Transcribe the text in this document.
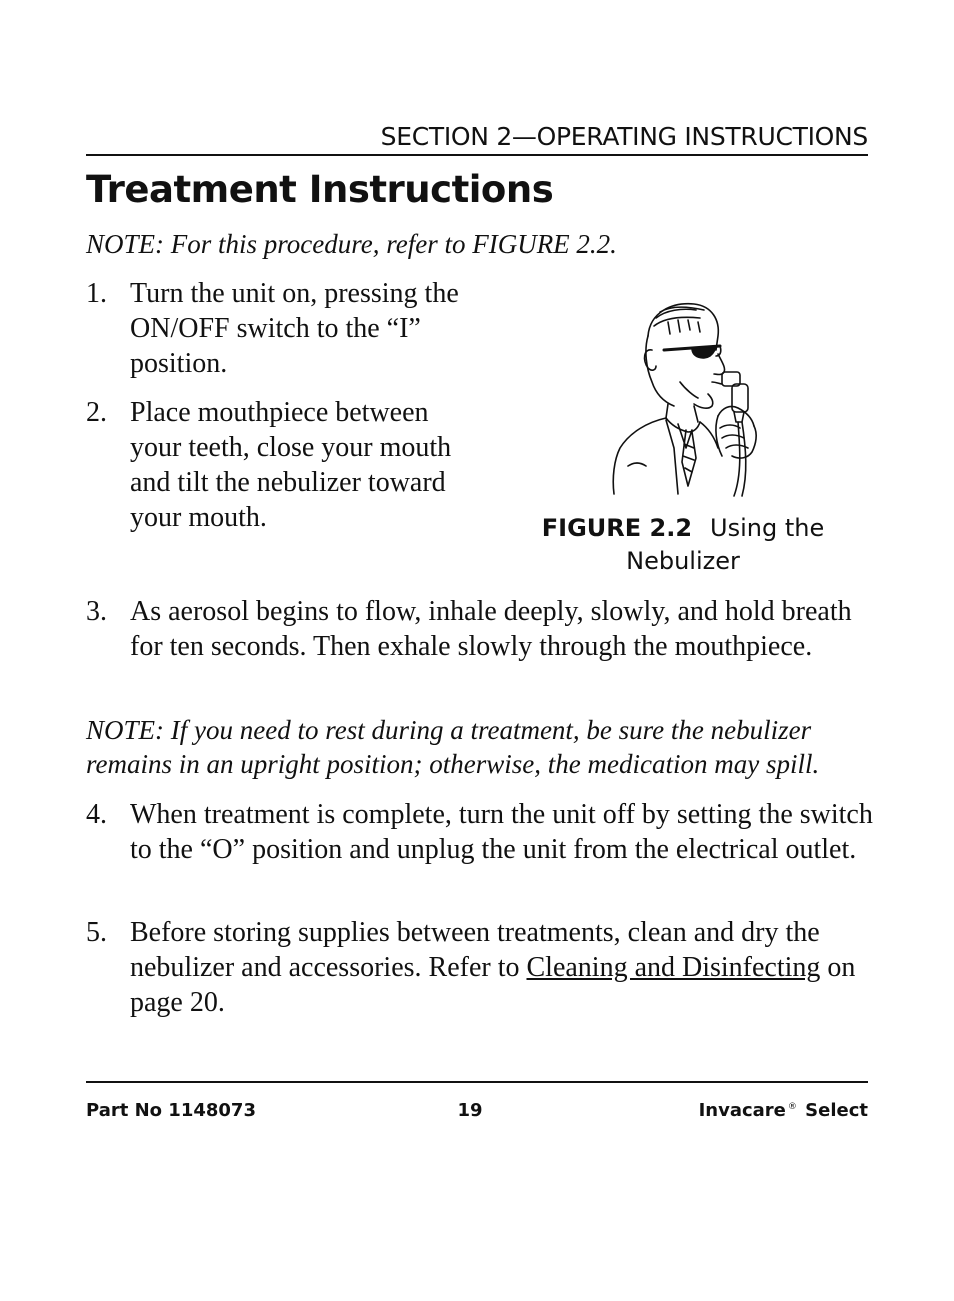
SECTION 2—OPERATING INSTRUCTIONS
Treatment Instructions
NOTE: For this procedure, refer to FIGURE 2.2.
1. Turn the unit on, pressing the ON/OFF switch to the “I” position.
2. Place mouthpiece between your teeth, close your mouth and tilt the nebulizer toward your mouth.	FIGURE 2.2 Using the Nebulizer
3. As aerosol begins to flow, inhale deeply, slowly, and hold breath for ten seconds. Then exhale slowly through the mouthpiece.
NOTE: If you need to rest during a treatment, be sure the nebulizer remains in an upright position; otherwise, the medication may spill.
4. When treatment is complete, turn the unit off by setting the switch to the “O” position and unplug the unit from the electrical outlet.
5. Before storing supplies between treatments, clean and dry the nebulizer and accessories. Refer to Cleaning and Disinfecting on page 20.
Part No 1148073	19	Invacare ® Select
